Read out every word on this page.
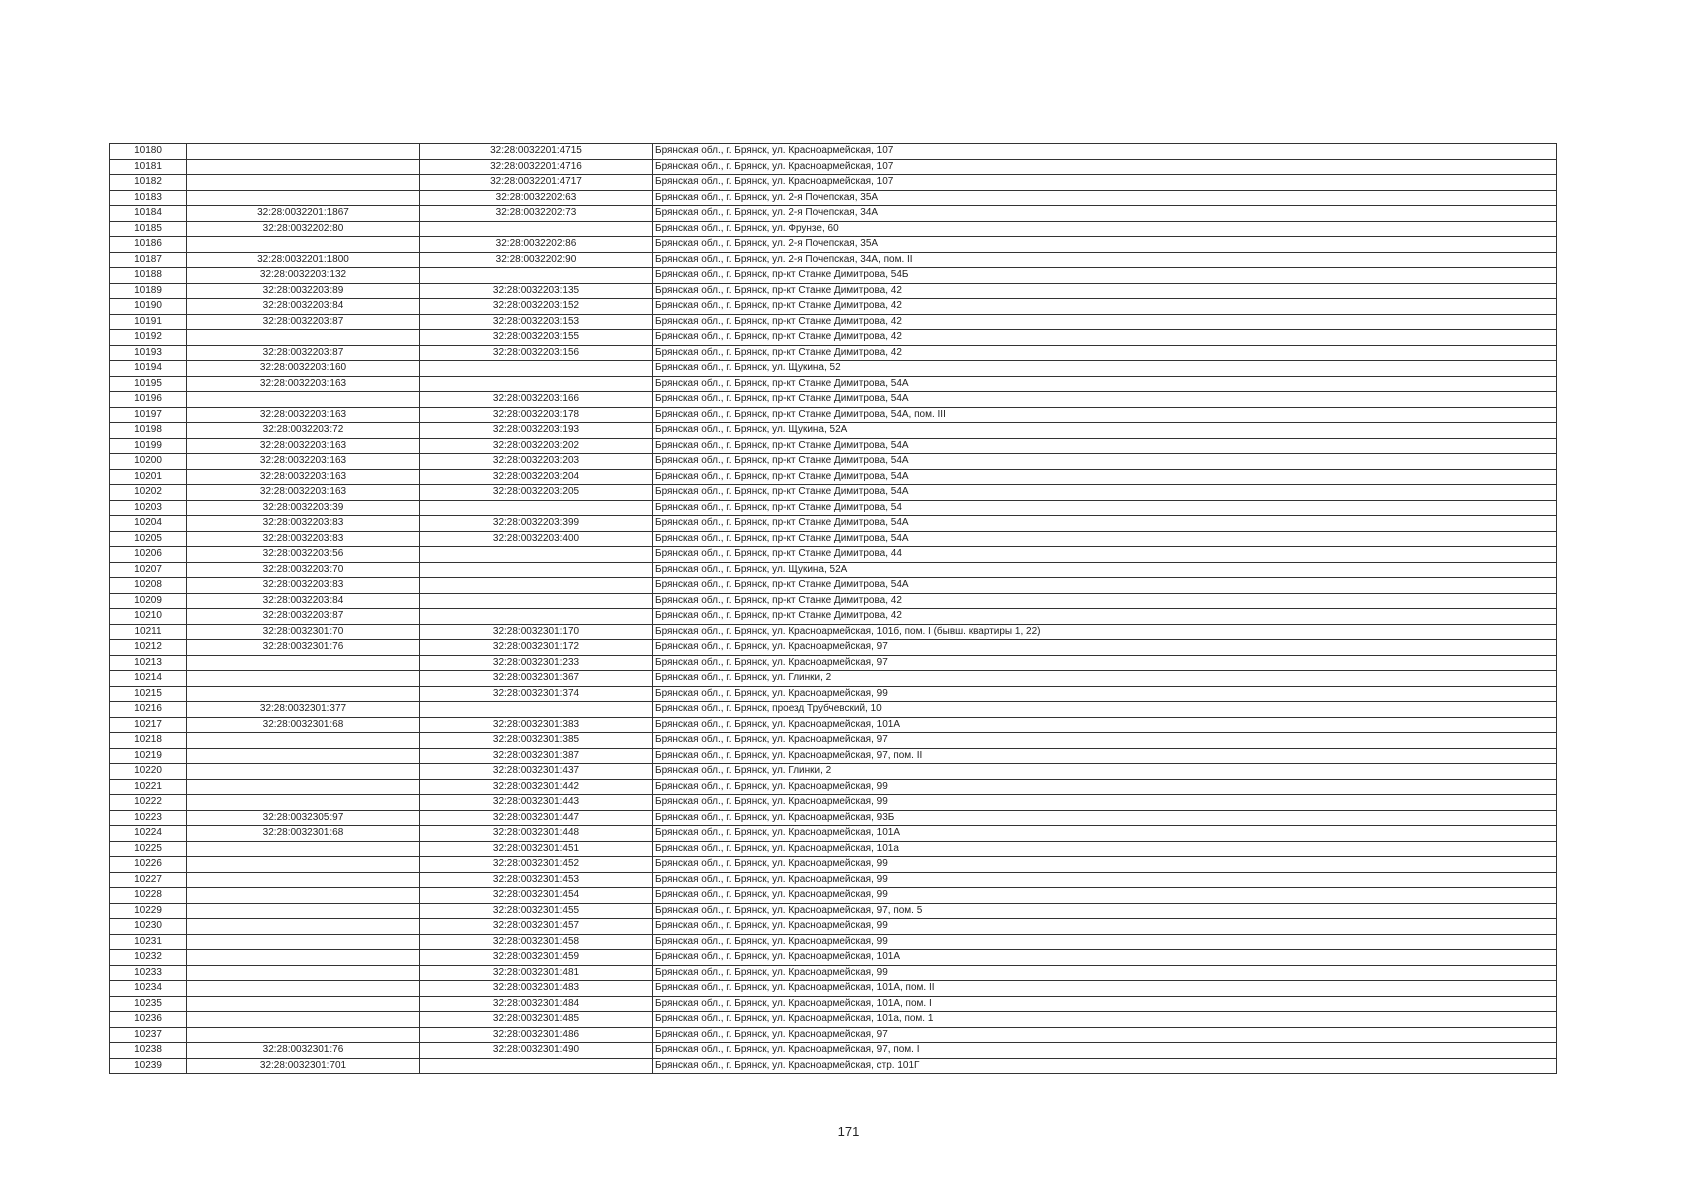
10180		32:28:0032201:4715	Брянская обл., г. Брянск, ул. Красноармейская, 107
10181		32:28:0032201:4716	Брянская обл., г. Брянск, ул. Красноармейская, 107
10182		32:28:0032201:4717	Брянская обл., г. Брянск, ул. Красноармейская, 107
10183		32:28:0032202:63	Брянская обл., г. Брянск, ул. 2-я Почепская, 35А
10184	32:28:0032201:1867	32:28:0032202:73	Брянская обл., г. Брянск, ул. 2-я Почепская, 34А
10185	32:28:0032202:80		Брянская обл., г. Брянск, ул. Фрунзе, 60
10186		32:28:0032202:86	Брянская обл., г. Брянск, ул. 2-я Почепская, 35А
10187	32:28:0032201:1800	32:28:0032202:90	Брянская обл., г. Брянск, ул. 2-я Почепская, 34А, пом. II
10188	32:28:0032203:132		Брянская обл., г. Брянск, пр-кт Станке Димитрова, 54Б
10189	32:28:0032203:89	32:28:0032203:135	Брянская обл., г. Брянск, пр-кт Станке Димитрова, 42
10190	32:28:0032203:84	32:28:0032203:152	Брянская обл., г. Брянск, пр-кт Станке Димитрова, 42
10191	32:28:0032203:87	32:28:0032203:153	Брянская обл., г. Брянск, пр-кт Станке Димитрова, 42
10192		32:28:0032203:155	Брянская обл., г. Брянск, пр-кт Станке Димитрова, 42
10193	32:28:0032203:87	32:28:0032203:156	Брянская обл., г. Брянск, пр-кт Станке Димитрова, 42
10194	32:28:0032203:160		Брянская обл., г. Брянск, ул. Щукина, 52
10195	32:28:0032203:163		Брянская обл., г. Брянск, пр-кт Станке Димитрова, 54А
10196		32:28:0032203:166	Брянская обл., г. Брянск, пр-кт Станке Димитрова, 54А
10197	32:28:0032203:163	32:28:0032203:178	Брянская обл., г. Брянск, пр-кт Станке Димитрова, 54А, пом. III
10198	32:28:0032203:72	32:28:0032203:193	Брянская обл., г. Брянск, ул. Щукина, 52А
10199	32:28:0032203:163	32:28:0032203:202	Брянская обл., г. Брянск, пр-кт Станке Димитрова, 54А
10200	32:28:0032203:163	32:28:0032203:203	Брянская обл., г. Брянск, пр-кт Станке Димитрова, 54А
10201	32:28:0032203:163	32:28:0032203:204	Брянская обл., г. Брянск, пр-кт Станке Димитрова, 54А
10202	32:28:0032203:163	32:28:0032203:205	Брянская обл., г. Брянск, пр-кт Станке Димитрова, 54А
10203	32:28:0032203:39		Брянская обл., г. Брянск, пр-кт Станке Димитрова, 54
10204	32:28:0032203:83	32:28:0032203:399	Брянская обл., г. Брянск, пр-кт Станке Димитрова, 54А
10205	32:28:0032203:83	32:28:0032203:400	Брянская обл., г. Брянск, пр-кт Станке Димитрова, 54А
10206	32:28:0032203:56		Брянская обл., г. Брянск, пр-кт Станке Димитрова, 44
10207	32:28:0032203:70		Брянская обл., г. Брянск, ул. Щукина, 52А
10208	32:28:0032203:83		Брянская обл., г. Брянск, пр-кт Станке Димитрова, 54А
10209	32:28:0032203:84		Брянская обл., г. Брянск, пр-кт Станке Димитрова, 42
10210	32:28:0032203:87		Брянская обл., г. Брянск, пр-кт Станке Димитрова, 42
10211	32:28:0032301:70	32:28:0032301:170	Брянская обл., г. Брянск, ул. Красноармейская, 101б, пом. I (бывш. квартиры 1, 22)
10212	32:28:0032301:76	32:28:0032301:172	Брянская обл., г. Брянск, ул. Красноармейская, 97
10213		32:28:0032301:233	Брянская обл., г. Брянск, ул. Красноармейская, 97
10214		32:28:0032301:367	Брянская обл., г. Брянск, ул. Глинки, 2
10215		32:28:0032301:374	Брянская обл., г. Брянск, ул. Красноармейская, 99
10216	32:28:0032301:377		Брянская обл., г. Брянск, проезд Трубчевский, 10
10217	32:28:0032301:68	32:28:0032301:383	Брянская обл., г. Брянск, ул. Красноармейская, 101А
10218		32:28:0032301:385	Брянская обл., г. Брянск, ул. Красноармейская, 97
10219		32:28:0032301:387	Брянская обл., г. Брянск, ул. Красноармейская, 97, пом. II
10220		32:28:0032301:437	Брянская обл., г. Брянск, ул. Глинки, 2
10221		32:28:0032301:442	Брянская обл., г. Брянск, ул. Красноармейская, 99
10222		32:28:0032301:443	Брянская обл., г. Брянск, ул. Красноармейская, 99
10223	32:28:0032305:97	32:28:0032301:447	Брянская обл., г. Брянск, ул. Красноармейская, 93Б
10224	32:28:0032301:68	32:28:0032301:448	Брянская обл., г. Брянск, ул. Красноармейская, 101А
10225		32:28:0032301:451	Брянская обл., г. Брянск, ул. Красноармейская, 101а
10226		32:28:0032301:452	Брянская обл., г. Брянск, ул. Красноармейская, 99
10227		32:28:0032301:453	Брянская обл., г. Брянск, ул. Красноармейская, 99
10228		32:28:0032301:454	Брянская обл., г. Брянск, ул. Красноармейская, 99
10229		32:28:0032301:455	Брянская обл., г. Брянск, ул. Красноармейская, 97, пом. 5
10230		32:28:0032301:457	Брянская обл., г. Брянск, ул. Красноармейская, 99
10231		32:28:0032301:458	Брянская обл., г. Брянск, ул. Красноармейская, 99
10232		32:28:0032301:459	Брянская обл., г. Брянск, ул. Красноармейская, 101А
10233		32:28:0032301:481	Брянская обл., г. Брянск, ул. Красноармейская, 99
10234		32:28:0032301:483	Брянская обл., г. Брянск, ул. Красноармейская, 101А, пом. II
10235		32:28:0032301:484	Брянская обл., г. Брянск, ул. Красноармейская, 101А, пом. I
10236		32:28:0032301:485	Брянская обл., г. Брянск, ул. Красноармейская, 101а, пом. 1
10237		32:28:0032301:486	Брянская обл., г. Брянск, ул. Красноармейская, 97
10238	32:28:0032301:76	32:28:0032301:490	Брянская обл., г. Брянск, ул. Красноармейская, 97, пом. I
10239	32:28:0032301:701		Брянская обл., г. Брянск, ул. Красноармейская, стр. 101Г
171
